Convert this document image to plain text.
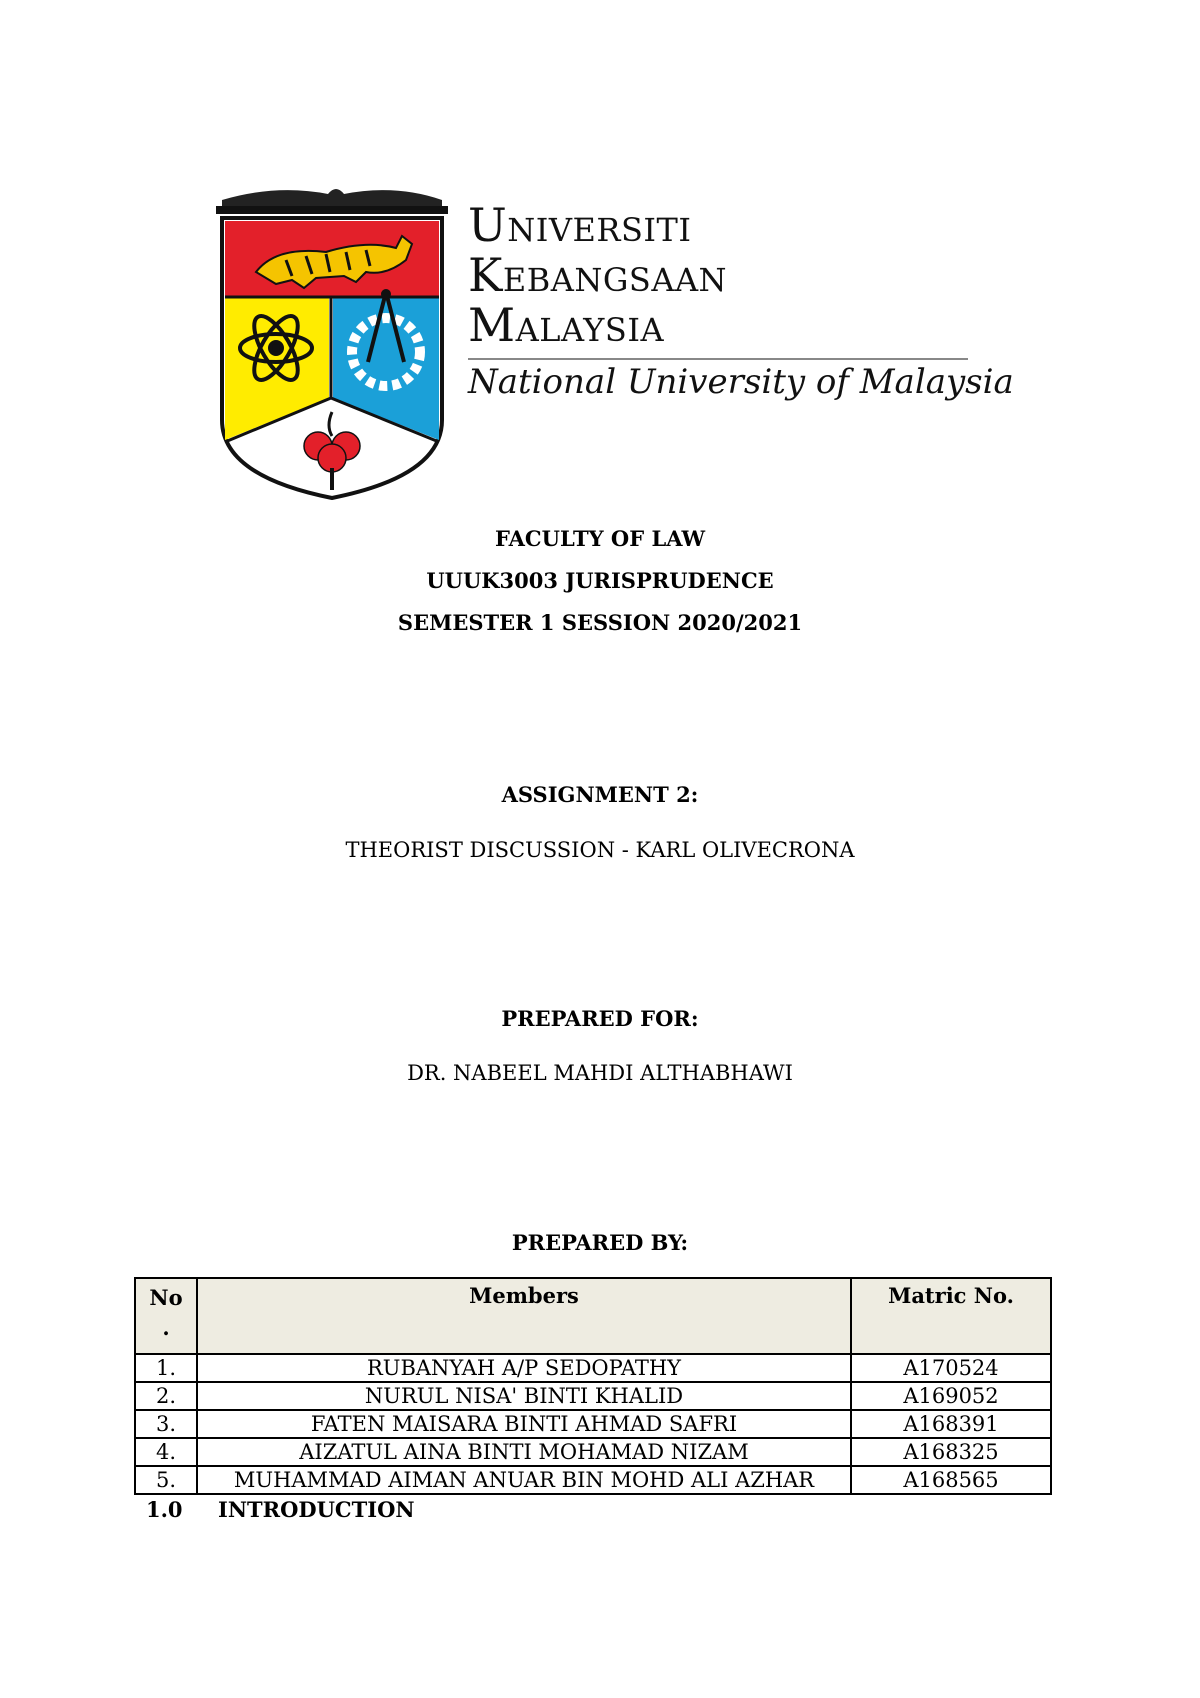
Universiti
Kebangsaan
Malaysia
National University of Malaysia
FACULTY OF LAW
UUUK3003 JURISPRUDENCE
SEMESTER 1 SESSION 2020/2021
ASSIGNMENT 2:
THEORIST DISCUSSION - KARL OLIVECRONA
PREPARED FOR:
DR. NABEEL MAHDI ALTHABHAWI
PREPARED BY:
No
.	Members	Matric No.
1.	RUBANYAH A/P SEDOPATHY	A170524
2.	NURUL NISA' BINTI KHALID	A169052
3.	FATEN MAISARA BINTI AHMAD SAFRI	A168391
4.	AIZATUL AINA BINTI MOHAMAD NIZAM	A168325
5.	MUHAMMAD AIMAN ANUAR BIN MOHD ALI AZHAR	A168565
1.0 INTRODUCTION
